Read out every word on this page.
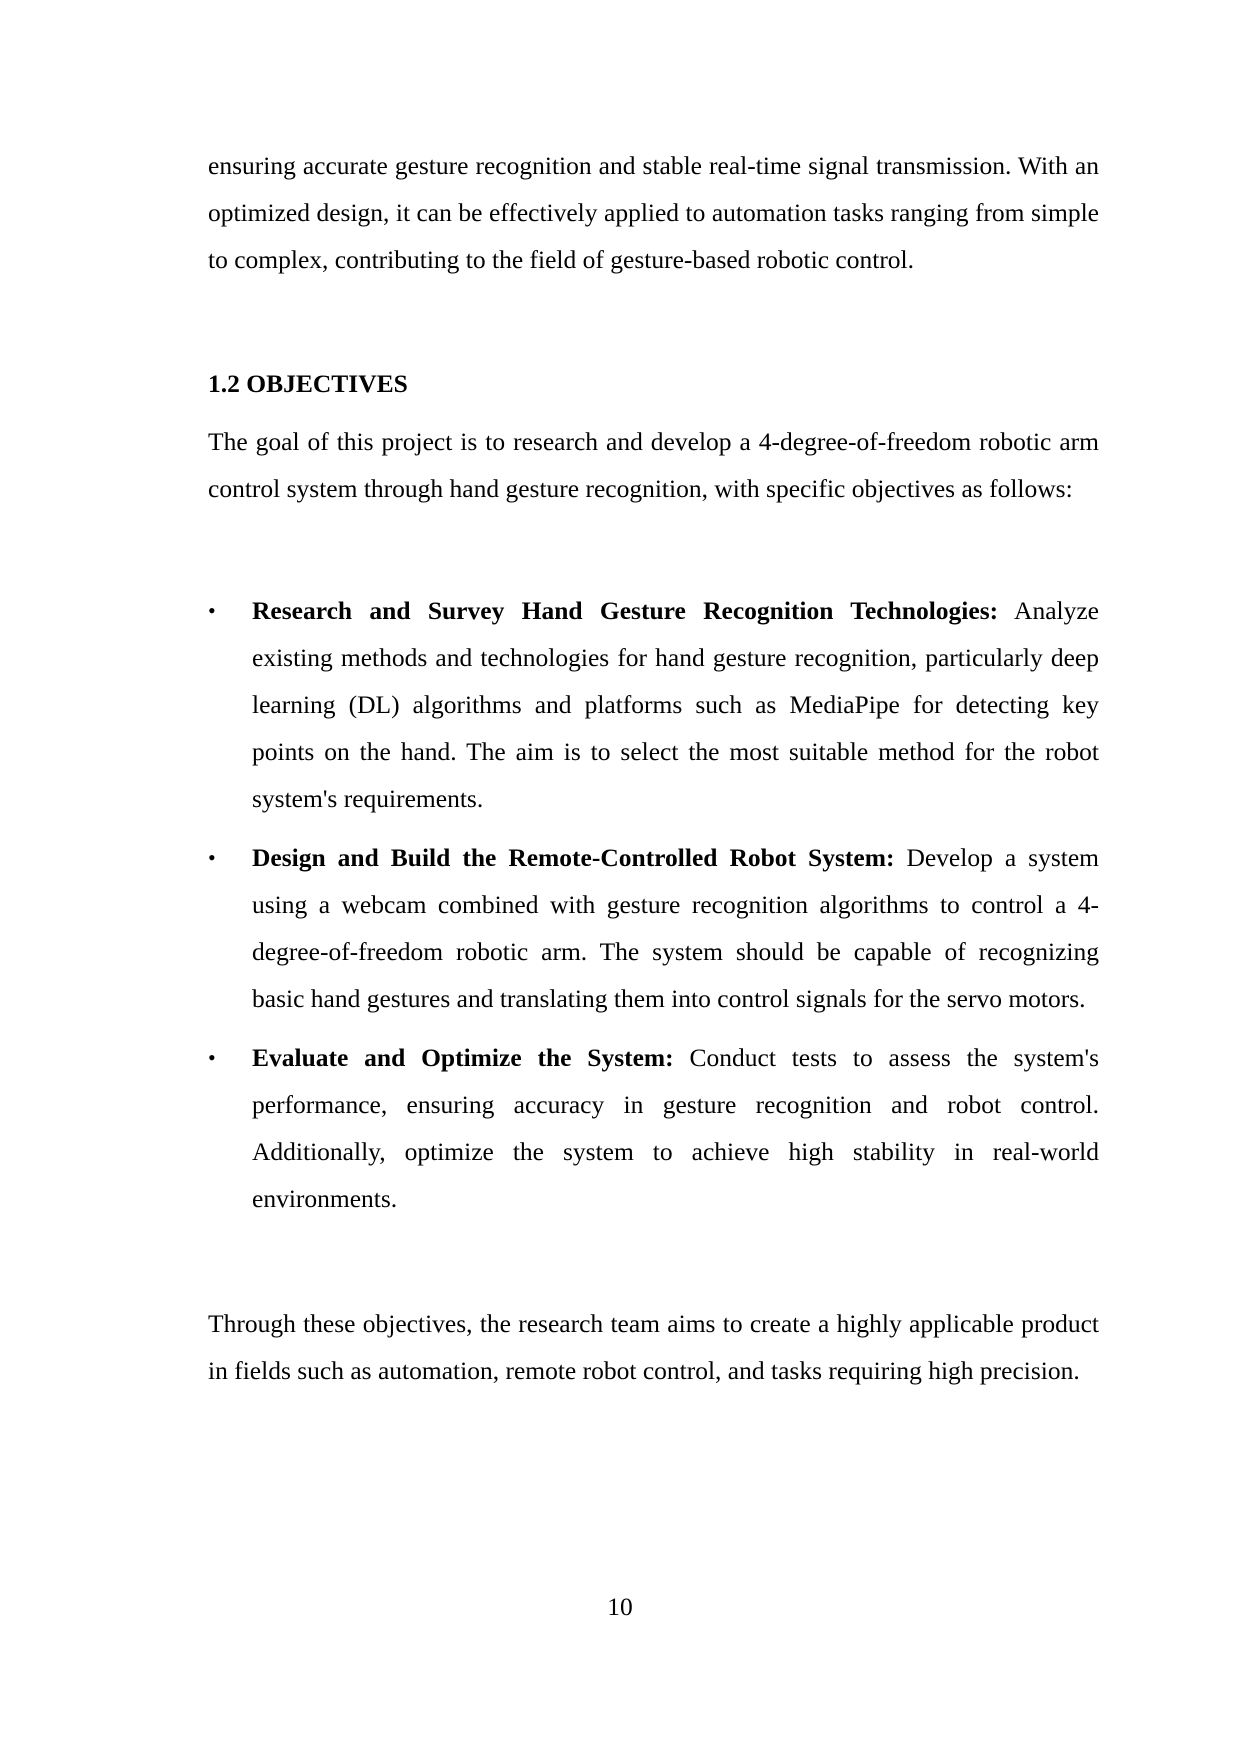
ensuring accurate gesture recognition and stable real-time signal transmission. With an optimized design, it can be effectively applied to automation tasks ranging from simple to complex, contributing to the field of gesture-based robotic control.

1.2 OBJECTIVES

The goal of this project is to research and develop a 4-degree-of-freedom robotic arm control system through hand gesture recognition, with specific objectives as follows:

• Research and Survey Hand Gesture Recognition Technologies: Analyze existing methods and technologies for hand gesture recognition, particularly deep learning (DL) algorithms and platforms such as MediaPipe for detecting key points on the hand. The aim is to select the most suitable method for the robot system's requirements.
• Design and Build the Remote-Controlled Robot System: Develop a system using a webcam combined with gesture recognition algorithms to control a 4-degree-of-freedom robotic arm. The system should be capable of recognizing basic hand gestures and translating them into control signals for the servo motors.
• Evaluate and Optimize the System: Conduct tests to assess the system's performance, ensuring accuracy in gesture recognition and robot control. Additionally, optimize the system to achieve high stability in real-world environments.

Through these objectives, the research team aims to create a highly applicable product in fields such as automation, remote robot control, and tasks requiring high precision.

10
